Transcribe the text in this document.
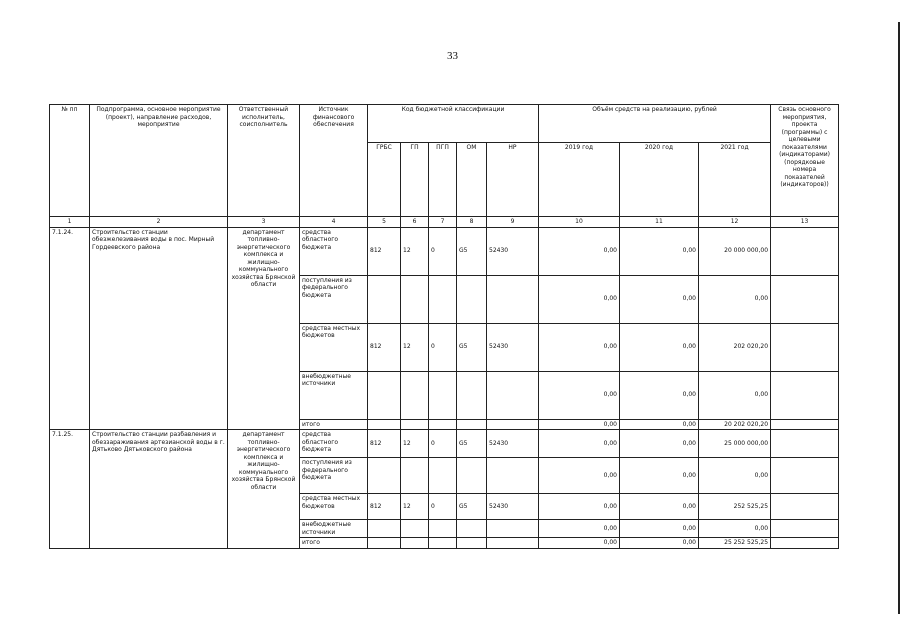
33
№ пп	Подпрограмма, основное мероприятие (проект), направление расходов, мероприятие	Ответственный исполнитель, соисполнитель	Источник финансового обеспечения	Код бюджетной классификации					Объём средств на реализацию, рублей			Связь основного мероприятия, проекта (программы) с целевыми показателями (индикаторами) (порядковые номера показателей (индикаторов))
				ГРБС	ГП	ПГП	ОМ	НР	2019 год	2020 год	2021 год	
1	2	3	4	5	6	7	8	9	10	11	12	13
7.1.24.	Строительство станции обезжелезивания воды в пос. Мирный Гордеевского района	департамент топливно-энергетического комплекса и жилищно-коммунального хозяйства Брянской области	средства областного бюджета	812	12	0	G5	52430	0,00	0,00	20 000 000,00	
			поступления из федерального бюджета						0,00	0,00	0,00	
			средства местных бюджетов	812	12	0	G5	52430	0,00	0,00	202 020,20	
			внебюджетные источники						0,00	0,00	0,00	
			итого						0,00	0,00	20 202 020,20	
7.1.25.	Строительство станции разбавления и обеззараживания артезианской воды в г. Дятьково Дятьковского района	департамент топливно-энергетического комплекса и жилищно-коммунального хозяйства Брянской области	средства областного бюджета	812	12	0	G5	52430	0,00	0,00	25 000 000,00	
			поступления из федерального бюджета						0,00	0,00	0,00	
			средства местных бюджетов	812	12	0	G5	52430	0,00	0,00	252 525,25	
			внебюджетные источники						0,00	0,00	0,00	
			итого						0,00	0,00	25 252 525,25	
